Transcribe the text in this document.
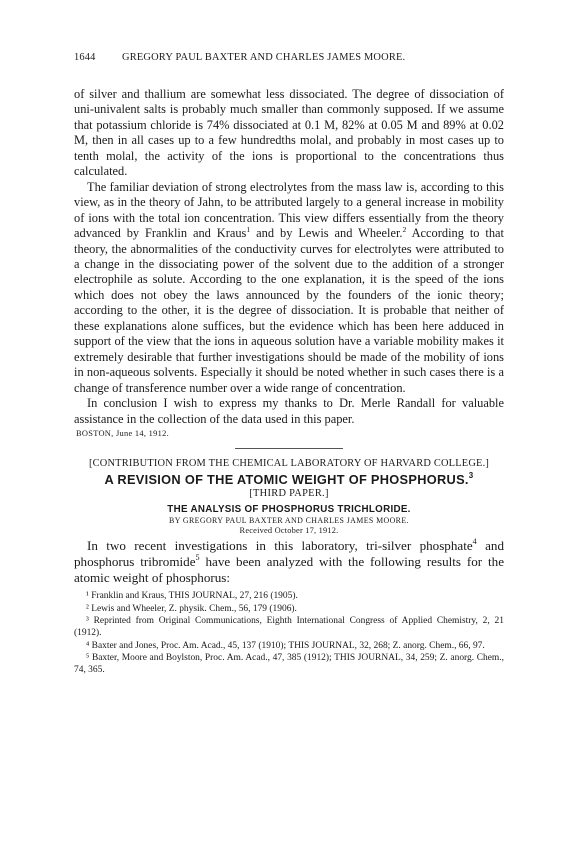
1644	GREGORY PAUL BAXTER AND CHARLES JAMES MOORE.

of silver and thallium are somewhat less dissociated. The degree of dissociation of uni-univalent salts is probably much smaller than commonly supposed. If we assume that potassium chloride is 74% dissociated at 0.1 M, 82% at 0.05 M and 89% at 0.02 M, then in all cases up to a few hundredths molal, and probably in most cases up to tenth molal, the activity of the ions is proportional to the concentrations thus calculated.

The familiar deviation of strong electrolytes from the mass law is, according to this view, as in the theory of Jahn, to be attributed largely to a general increase in mobility of ions with the total ion concentration. This view differs essentially from the theory advanced by Franklin and Kraus$^1$ and by Lewis and Wheeler.$^2$ According to that theory, the abnormalities of the conductivity curves for electrolytes were attributed to a change in the dissociating power of the solvent due to the addition of a stronger electrophile as solute. According to the one explanation, it is the speed of the ions which does not obey the laws announced by the founders of the ionic theory; according to the other, it is the degree of dissociation. It is probable that neither of these explanations alone suffices, but the evidence which has been here adduced in support of the view that the ions in aqueous solution have a variable mobility makes it extremely desirable that further investigations should be made of the mobility of ions in non-aqueous solvents. Especially it should be noted whether in such cases there is a change of transference number over a wide range of concentration.

In conclusion I wish to express my thanks to Dr. Merle Randall for valuable assistance in the collection of the data used in this paper.

BOSTON, June 14, 1912.
[CONTRIBUTION FROM THE CHEMICAL LABORATORY OF HARVARD COLLEGE.]
A REVISION OF THE ATOMIC WEIGHT OF PHOSPHORUS.$^3$
[THIRD PAPER.]
THE ANALYSIS OF PHOSPHORUS TRICHLORIDE.
BY GREGORY PAUL BAXTER AND CHARLES JAMES MOORE.
Received October 17, 1912.

In two recent investigations in this laboratory, tri-silver phosphate$^4$ and phosphorus tribromide$^5$ have been analyzed with the following results for the atomic weight of phosphorus:

¹ Franklin and Kraus, THIS JOURNAL, 27, 216 (1905).

² Lewis and Wheeler, Z. physik. Chem., 56, 179 (1906).

³ Reprinted from Original Communications, Eighth International Congress of Applied Chemistry, 2, 21 (1912).

⁴ Baxter and Jones, Proc. Am. Acad., 45, 137 (1910); THIS JOURNAL, 32, 268; Z. anorg. Chem., 66, 97.

⁵ Baxter, Moore and Boylston, Proc. Am. Acad., 47, 385 (1912); THIS JOURNAL, 34, 259; Z. anorg. Chem., 74, 365.
